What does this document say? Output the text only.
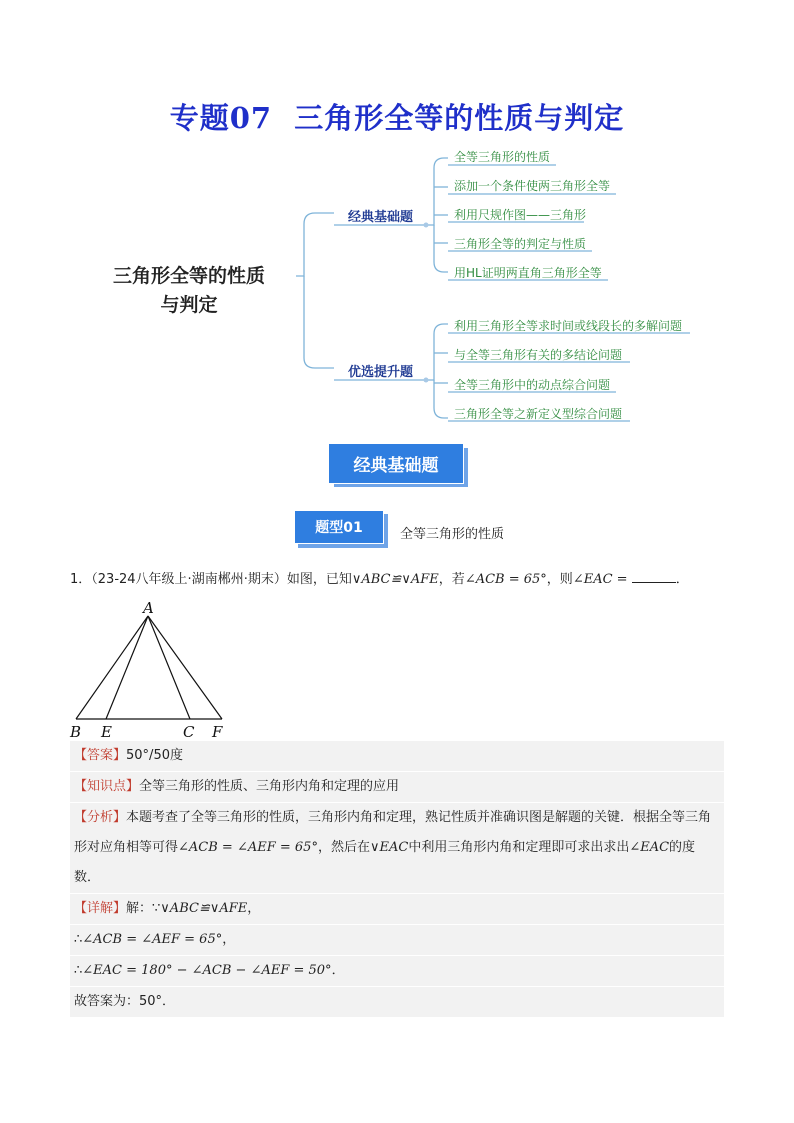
专题07 三角形全等的性质与判定
三角形全等的性质
与判定
经典基础题
全等三角形的性质
添加一个条件使两三角形全等
利用尺规作图——三角形
三角形全等的判定与性质
用HL证明两直角三角形全等
优选提升题
利用三角形全等求时间或线段长的多解问题
与全等三角形有关的多结论问题
全等三角形中的动点综合问题
三角形全等之新定义型综合问题
经典基础题
题型01	全等三角形的性质
1．（23-24八年级上·湖南郴州·期末）如图，已知∨ABC≌∨AFE，若∠ACB = 65°，则∠EAC =	．
A
B E	C F
【答案】50°/50度
【知识点】全等三角形的性质、三角形内角和定理的应用
【分析】本题考查了全等三角形的性质，三角形内角和定理，熟记性质并准确识图是解题的关键．根据全等三角形对应角相等可得∠ACB = ∠AEF = 65°，然后在∨EAC中利用三角形内角和定理即可求出求出∠EAC的度数．
【详解】解：∵∨ABC≌∨AFE，
∴∠ACB = ∠AEF = 65°，
∴∠EAC = 180° − ∠ACB − ∠AEF = 50°．
故答案为：50°．
